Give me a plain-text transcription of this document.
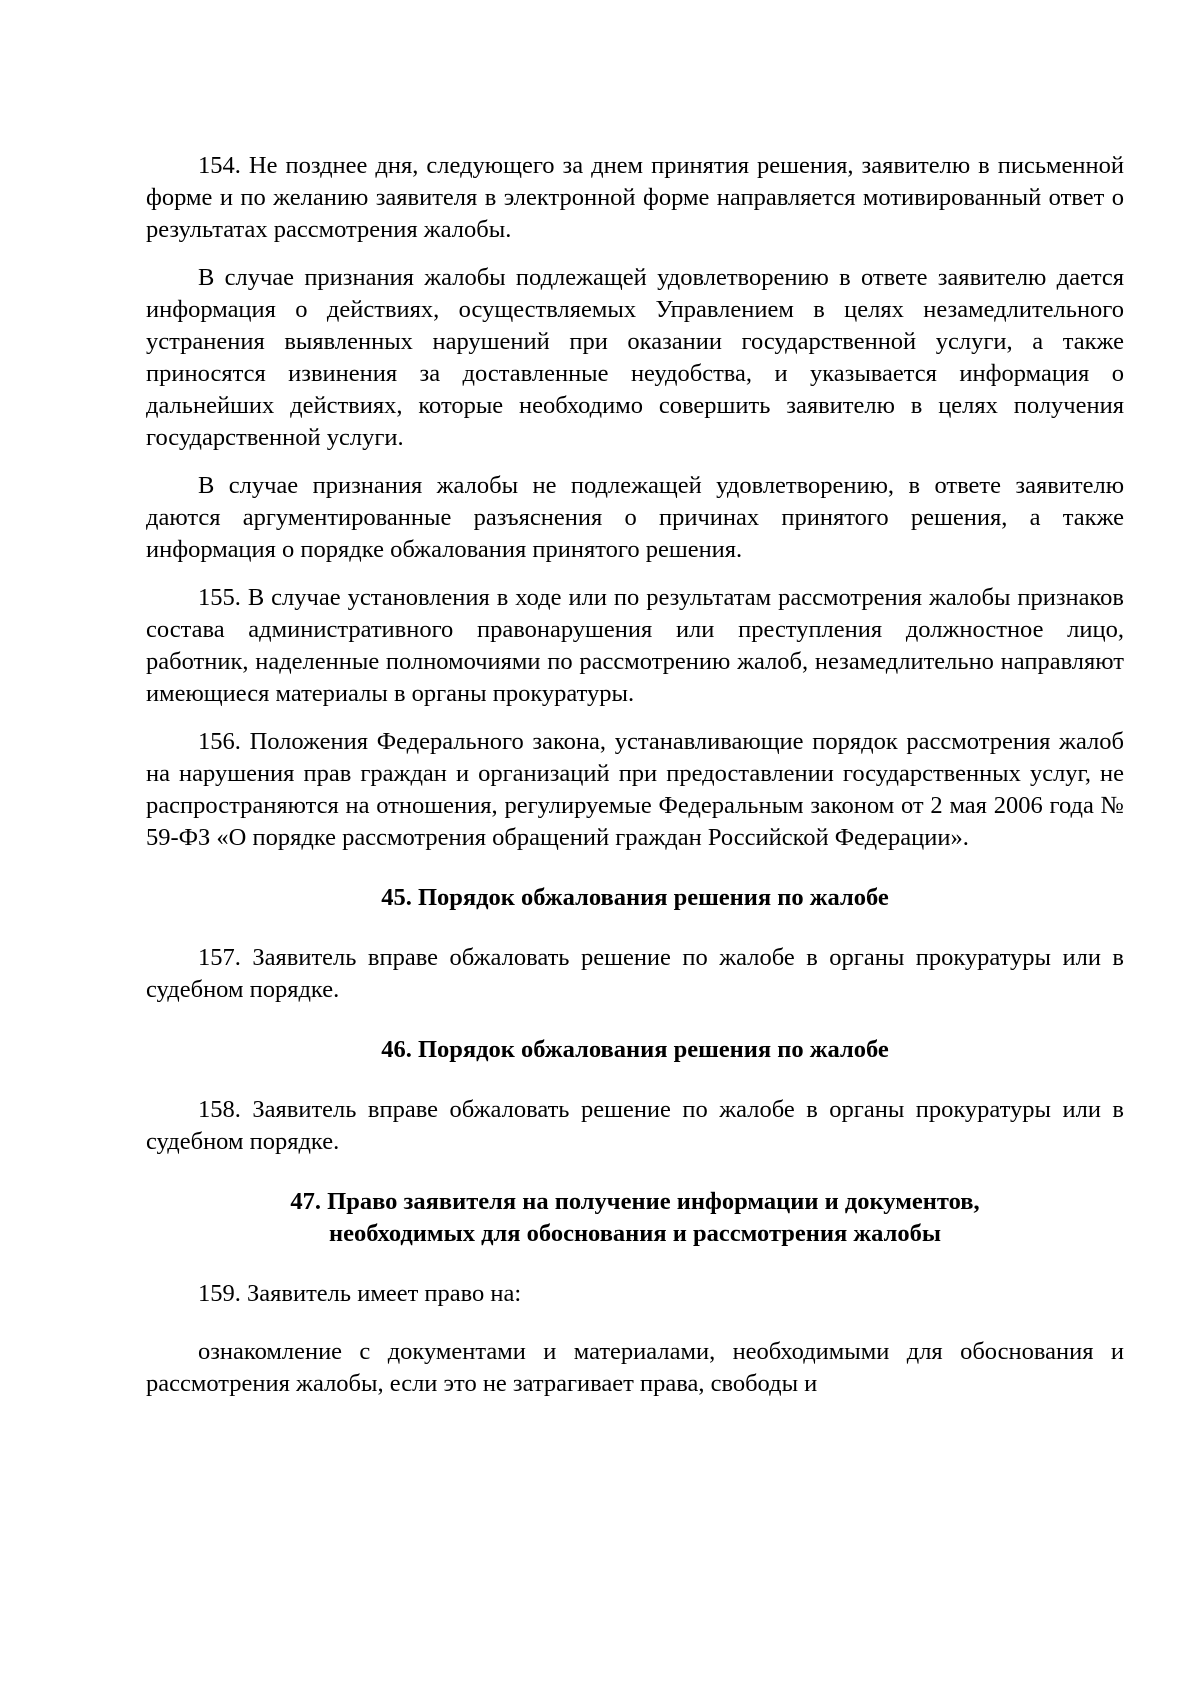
154. Не позднее дня, следующего за днем принятия решения, заявителю в письменной форме и по желанию заявителя в электронной форме направляется мотивированный ответ о результатах рассмотрения жалобы.

В случае признания жалобы подлежащей удовлетворению в ответе заявителю дается информация о действиях, осуществляемых Управлением в целях незамедлительного устранения выявленных нарушений при оказании государственной услуги, а также приносятся извинения за доставленные неудобства, и указывается информация о дальнейших действиях, которые необходимо совершить заявителю в целях получения государственной услуги.

В случае признания жалобы не подлежащей удовлетворению, в ответе заявителю даются аргументированные разъяснения о причинах принятого решения, а также информация о порядке обжалования принятого решения.

155. В случае установления в ходе или по результатам рассмотрения жалобы признаков состава административного правонарушения или преступления должностное лицо, работник, наделенные полномочиями по рассмотрению жалоб, незамедлительно направляют имеющиеся материалы в органы прокуратуры.

156. Положения Федерального закона, устанавливающие порядок рассмотрения жалоб на нарушения прав граждан и организаций при предоставлении государственных услуг, не распространяются на отношения, регулируемые Федеральным законом от 2 мая 2006 года № 59-ФЗ «О порядке рассмотрения обращений граждан Российской Федерации».

45. Порядок обжалования решения по жалобе

157. Заявитель вправе обжаловать решение по жалобе в органы прокуратуры или в судебном порядке.

46. Порядок обжалования решения по жалобе

158. Заявитель вправе обжаловать решение по жалобе в органы прокуратуры или в судебном порядке.

47. Право заявителя на получение информации и документов,
необходимых для обоснования и рассмотрения жалобы

159. Заявитель имеет право на:

ознакомление с документами и материалами, необходимыми для обоснования и рассмотрения жалобы, если это не затрагивает права, свободы и
